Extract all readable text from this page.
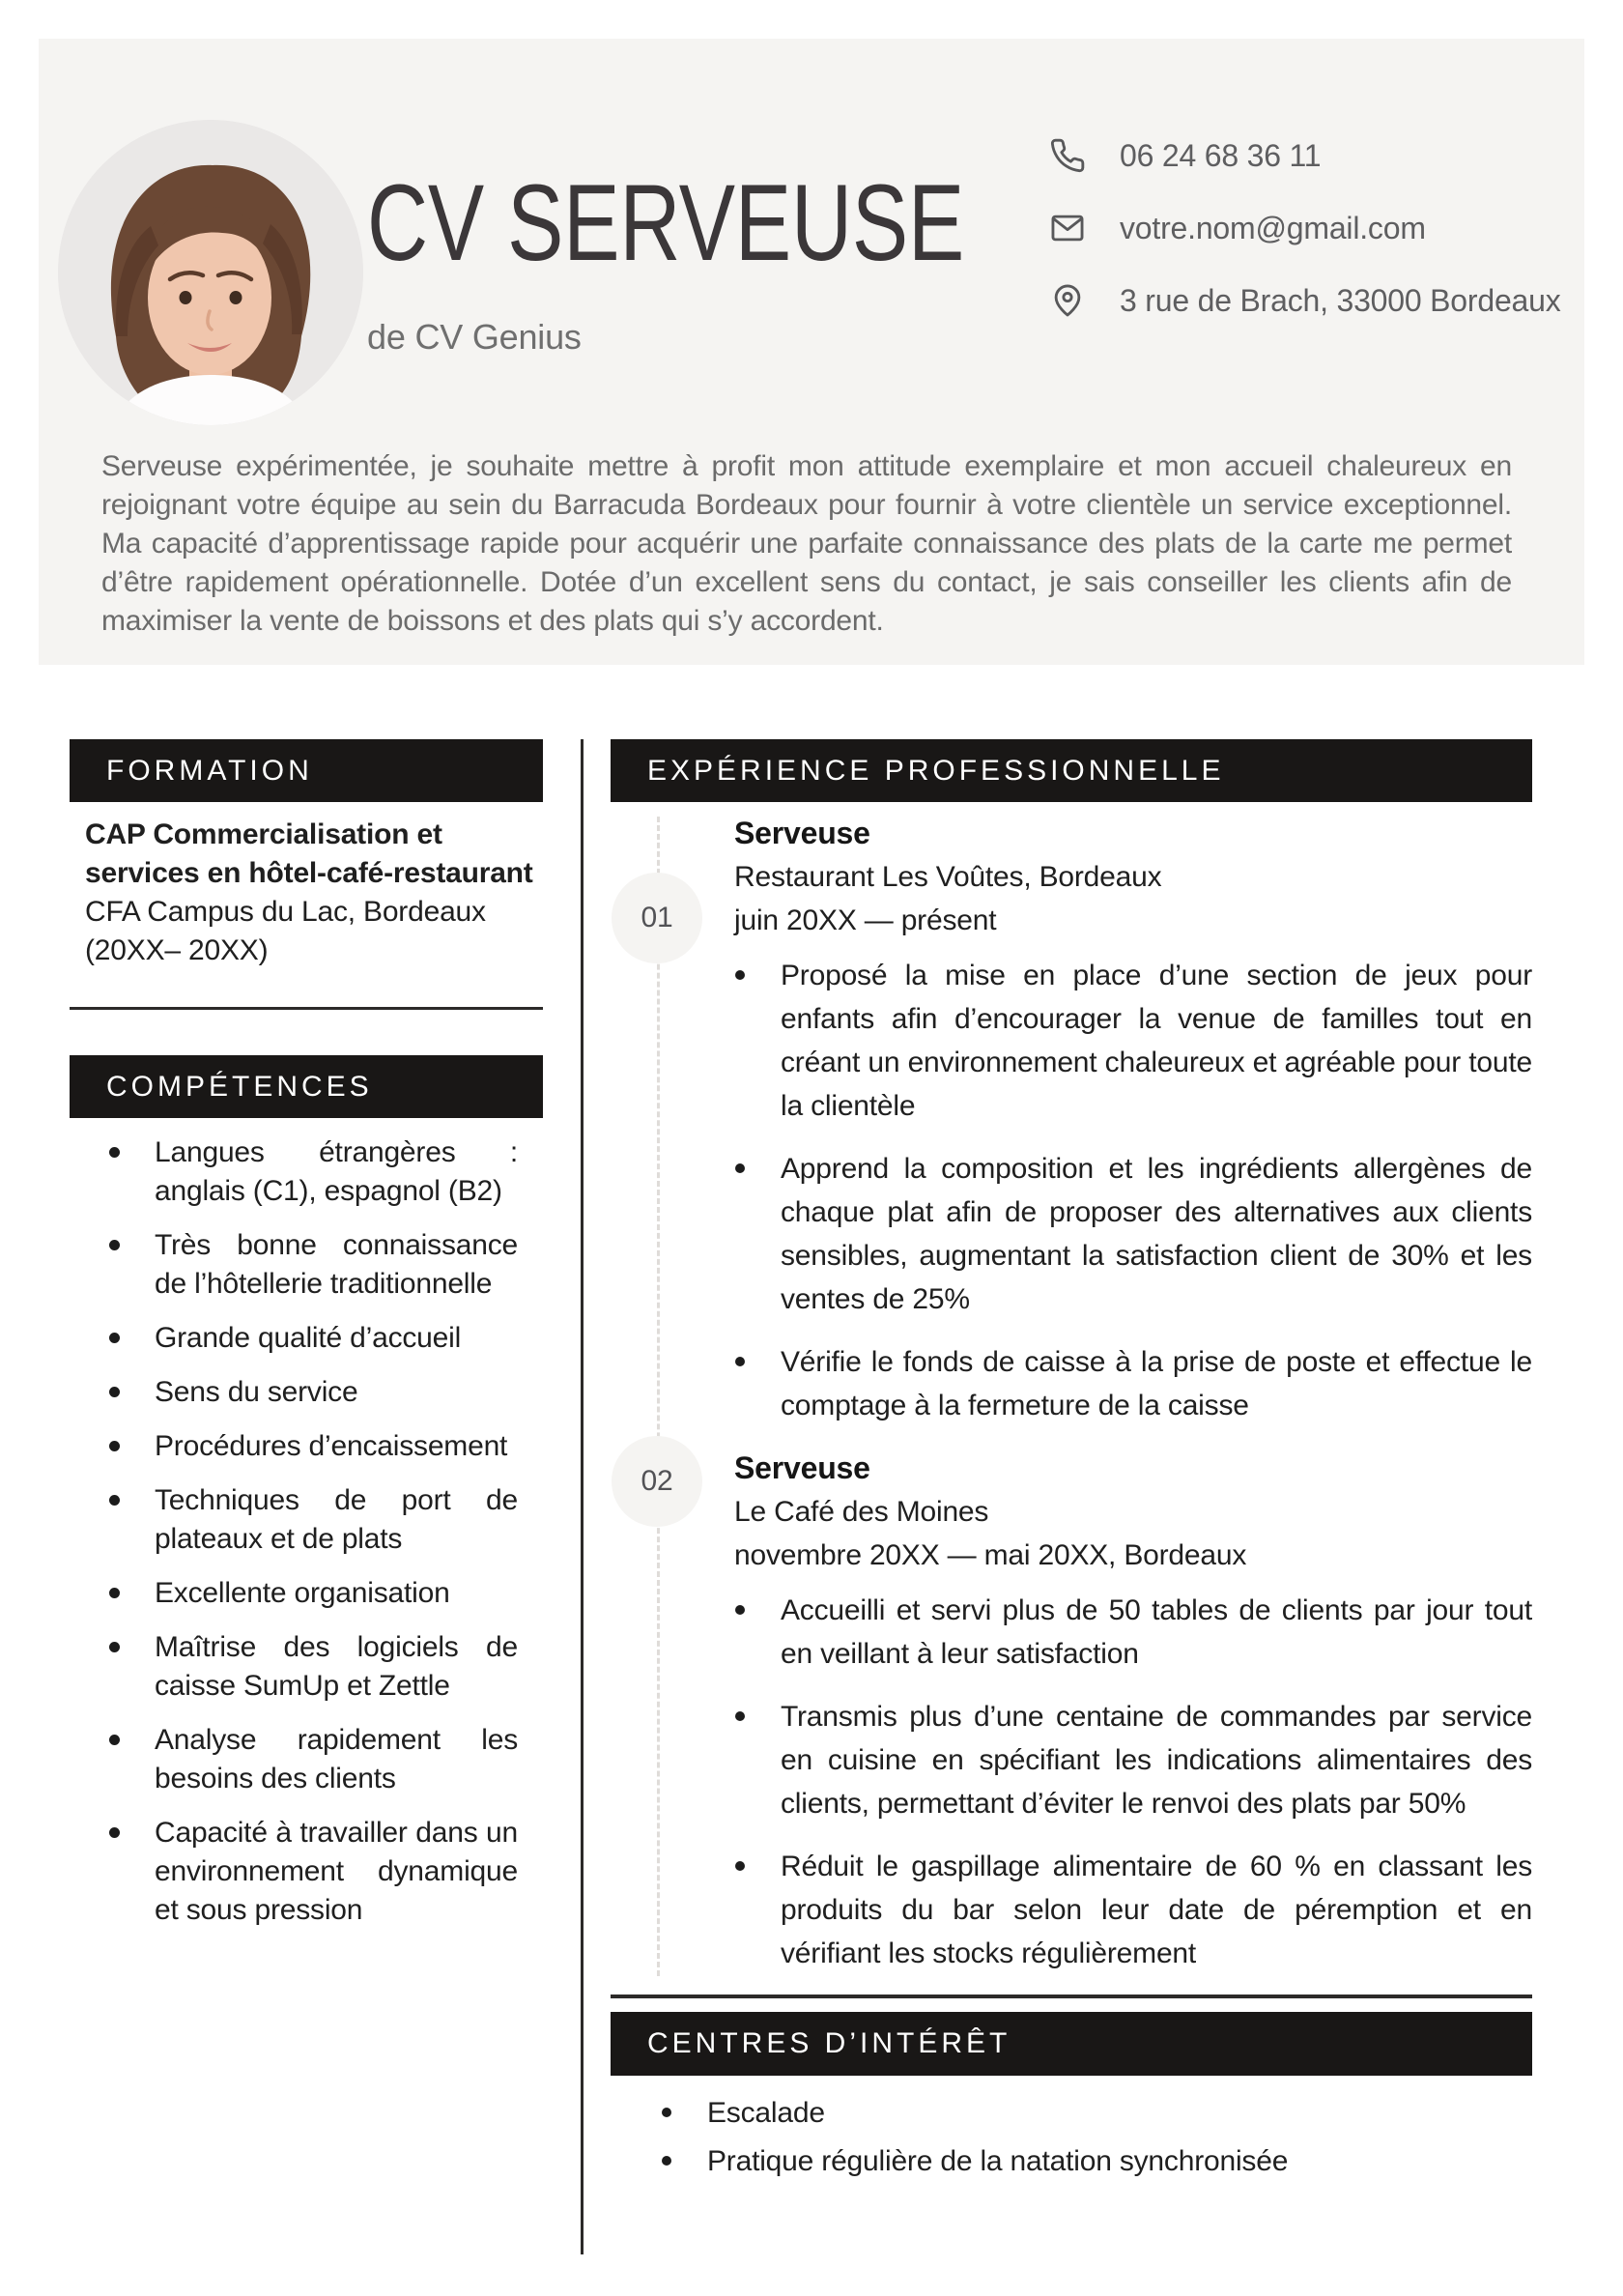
CV SERVEUSE
de CV Genius
06 24 68 36 11
votre.nom@gmail.com
3 rue de Brach, 33000 Bordeaux
Serveuse expérimentée, je souhaite mettre à profit mon attitude exemplaire et mon accueil chaleureux en rejoignant votre équipe au sein du Barracuda Bordeaux pour fournir à votre clientèle un service exceptionnel. Ma capacité d’apprentissage rapide pour acquérir une parfaite connaissance des plats de la carte me permet d’être rapidement opérationnelle. Dotée d’un excellent sens du contact, je sais conseiller les clients afin de maximiser la vente de boissons et des plats qui s’y accordent.
FORMATION
CAP Commercialisation et services en hôtel-café-restaurant
CFA Campus du Lac, Bordeaux
(20XX– 20XX)
COMPÉTENCES
Langues étrangères : anglais (C1), espagnol (B2)
Très bonne connaissance de l’hôtellerie traditionnelle
Grande qualité d’accueil
Sens du service
Procédures d’encaissement
Techniques de port de plateaux et de plats
Excellente organisation
Maîtrise des logiciels de caisse SumUp et Zettle
Analyse rapidement les besoins des clients
Capacité à travailler dans un environnement dynamique et sous pression
EXPÉRIENCE PROFESSIONNELLE
01
02
Serveuse
Restaurant Les Voûtes, Bordeaux
juin 20XX — présent
Proposé la mise en place d’une section de jeux pour enfants afin d’encourager la venue de familles tout en créant un environnement chaleureux et agréable pour toute la clientèle
Apprend la composition et les ingrédients allergènes de chaque plat afin de proposer des alternatives aux clients sensibles, augmentant la satisfaction client de 30% et les ventes de 25%
Vérifie le fonds de caisse à la prise de poste et effectue le comptage à la fermeture de la caisse
Serveuse
Le Café des Moines
novembre 20XX — mai 20XX, Bordeaux
Accueilli et servi plus de 50 tables de clients par jour tout en veillant à leur satisfaction
Transmis plus d’une centaine de commandes par service en cuisine en spécifiant les indications alimentaires des clients, permettant d’éviter le renvoi des plats par 50%
Réduit le gaspillage alimentaire de 60 % en classant les produits du bar selon leur date de péremption et en vérifiant les stocks régulièrement
CENTRES D’INTÉRÊT
Escalade
Pratique régulière de la natation synchronisée
